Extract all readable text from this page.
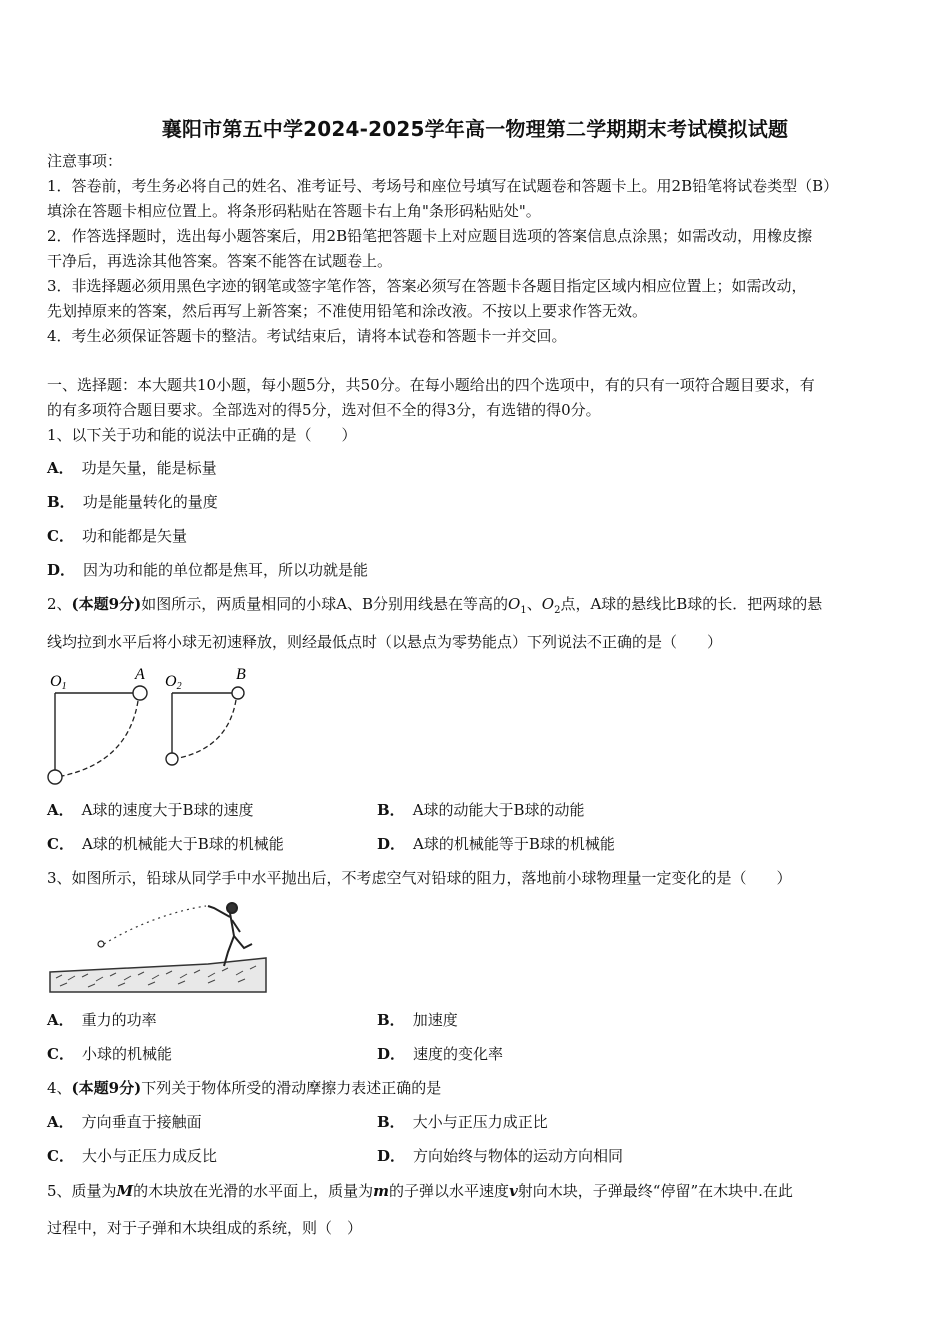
襄阳市第五中学2024-2025学年高一物理第二学期期末考试模拟试题
注意事项：
1．答卷前，考生务必将自己的姓名、准考证号、考场号和座位号填写在试题卷和答题卡上。用2B铅笔将试卷类型（B）
填涂在答题卡相应位置上。将条形码粘贴在答题卡右上角"条形码粘贴处"。
2．作答选择题时，选出每小题答案后，用2B铅笔把答题卡上对应题目选项的答案信息点涂黑；如需改动，用橡皮擦
干净后，再选涂其他答案。答案不能答在试题卷上。
3．非选择题必须用黑色字迹的钢笔或签字笔作答，答案必须写在答题卡各题目指定区域内相应位置上；如需改动，
先划掉原来的答案，然后再写上新答案；不准使用铅笔和涂改液。不按以上要求作答无效。
4．考生必须保证答题卡的整洁。考试结束后，请将本试卷和答题卡一并交回。
一、选择题：本大题共10小题，每小题5分，共50分。在每小题给出的四个选项中，有的只有一项符合题目要求，有
的有多项符合题目要求。全部选对的得5分，选对但不全的得3分，有选错的得0分。
1、以下关于功和能的说法中正确的是（　　）
A． 功是矢量，能是标量
B． 功是能量转化的量度
C． 功和能都是矢量
D． 因为功和能的单位都是焦耳，所以功就是能
2、(本题9分)如图所示，两质量相同的小球A、B分别用线悬在等高的$O_1$、$O_2$点，A球的悬线比B球的长．把两球的悬
线均拉到水平后将小球无初速释放，则经最低点时（以悬点为零势能点）下列说法不正确的是（　　）
O1
A O2
B
A． A球的速度大于B球的速度	B． A球的动能大于B球的动能
C． A球的机械能大于B球的机械能	D． A球的机械能等于B球的机械能
3、如图所示，铅球从同学手中水平抛出后，不考虑空气对铅球的阻力，落地前小球物理量一定变化的是（　　）
A． 重力的功率	B． 加速度
C． 小球的机械能	D． 速度的变化率
4、(本题9分)下列关于物体所受的滑动摩擦力表述正确的是
A． 方向垂直于接触面	B． 大小与正压力成正比
C． 大小与正压力成反比	D． 方向始终与物体的运动方向相同
5、质量为M的木块放在光滑的水平面上，质量为m的子弹以水平速度v射向木块，子弹最终“停留”在木块中.在此
过程中，对于子弹和木块组成的系统，则（　）
